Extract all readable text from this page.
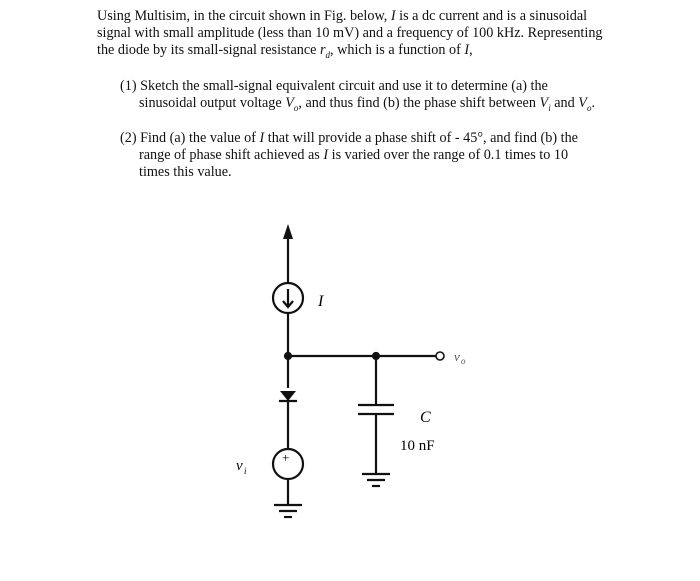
Using Multisim, in the circuit shown in Fig. below, I is a dc current and is a sinusoidal signal with small amplitude (less than 10 mV) and a frequency of 100 kHz. Representing the diode by its small-signal resistance $r_d$, which is a function of I,
(1) Sketch the small-signal equivalent circuit and use it to determine (a) the
sinusoidal output voltage $V_o$, and thus find (b) the phase shift between $V_i$ and $V_o$.
(2) Find (a) the value of I that will provide a phase shift of - 45°, and find (b) the
range of phase shift achieved as I is varied over the range of 0.1 times to 10
times this value.
I
v o
C
10 nF
v i
+
